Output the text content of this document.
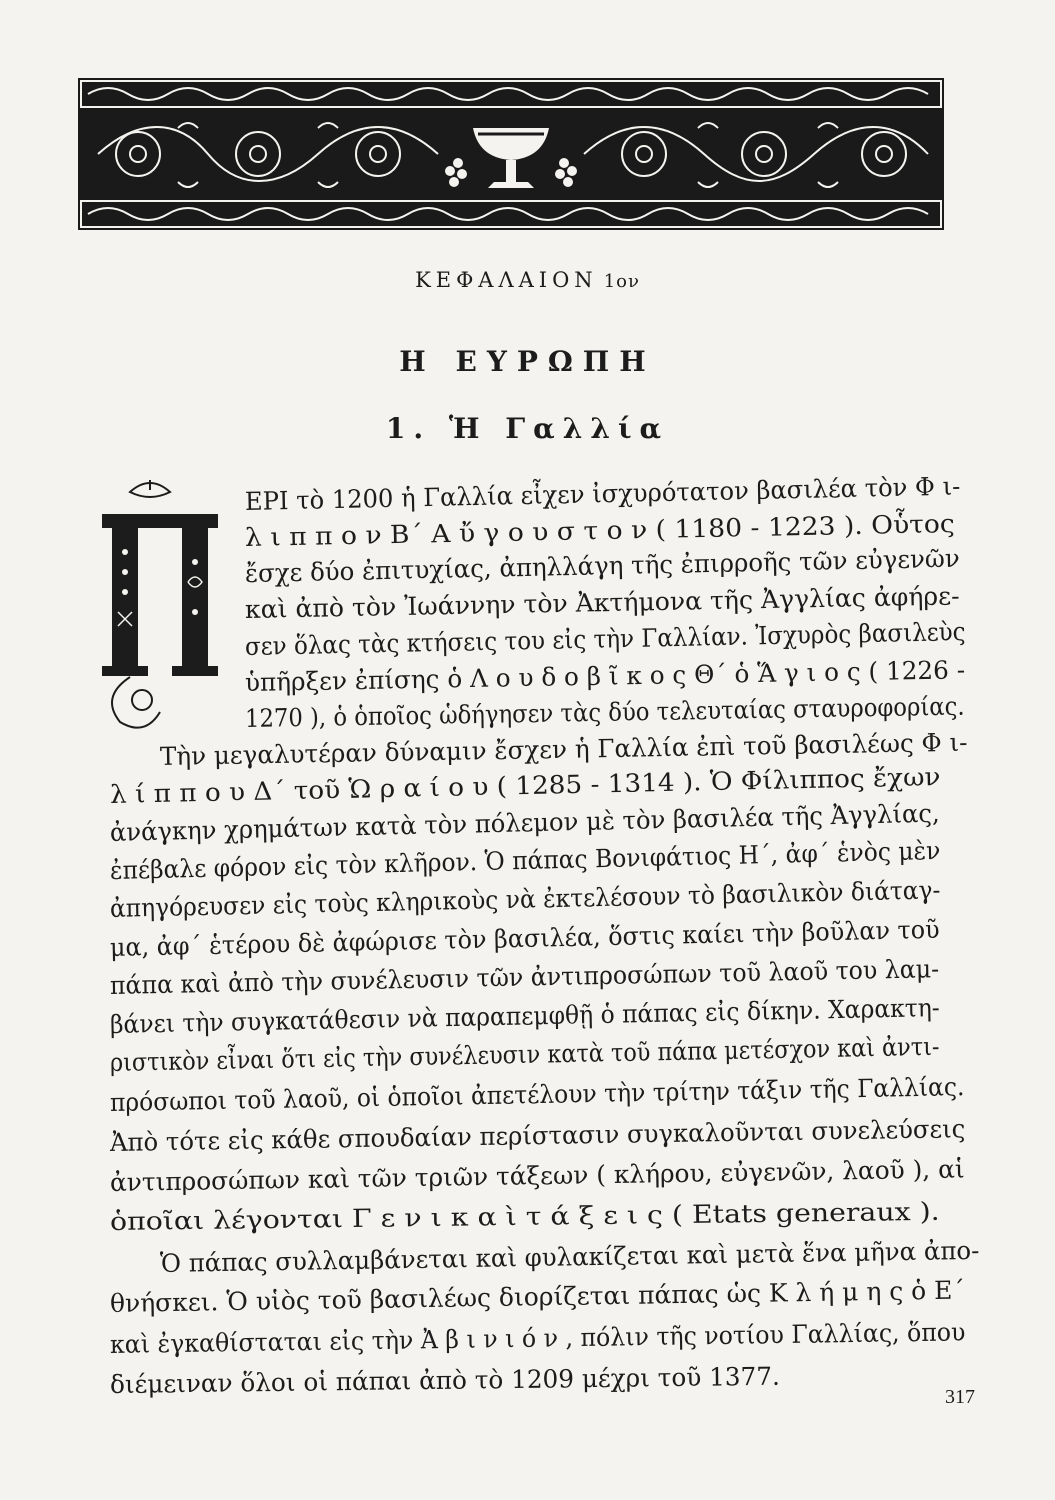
ΚΕΦΑΛΑΙΟΝ 1ον
Η ΕΥΡΩΠΗ
1. Ἡ Γαλλία
ΕΡΙ τὸ 1200 ἡ Γαλλία εἶχεν ἰσχυρότατον βασιλέα τὸν Φ ι-
λ ι π π ο ν Β΄ Α ὔ γ ο υ σ τ ο ν ( 1180 - 1223 ). Οὗτος
ἔσχε δύο ἐπιτυχίας, ἀπηλλάγη τῆς ἐπιρροῆς τῶν εὐγενῶν
καὶ ἀπὸ τὸν Ἰωάννην τὸν Ἀκτήμονα τῆς Ἀγγλίας ἀφήρε-
σεν ὅλας τὰς κτήσεις του εἰς τὴν Γαλλίαν. Ἰσχυρὸς βασιλεὺς
ὑπῆρξεν ἐπίσης ὁ Λ ο υ δ ο β ῖ κ ο ς Θ΄ ὁ Ἅ γ ι ο ς ( 1226 -
1270 ), ὁ ὁποῖος ὡδήγησεν τὰς δύο τελευταίας σταυροφορίας.
Τὴν μεγαλυτέραν δύναμιν ἔσχεν ἡ Γαλλία ἐπὶ τοῦ βασιλέως Φ ι-
λ ί π π ο υ Δ΄ τοῦ Ὡ ρ α ί ο υ ( 1285 - 1314 ). Ὁ Φίλιππος ἔχων
ἀνάγκην χρημάτων κατὰ τὸν πόλεμον μὲ τὸν βασιλέα τῆς Ἀγγλίας,
ἐπέβαλε φόρον εἰς τὸν κλῆρον. Ὁ πάπας Βονιφάτιος Η΄, ἀφ΄ ἑνὸς μὲν
ἀπηγόρευσεν εἰς τοὺς κληρικοὺς νὰ ἐκτελέσουν τὸ βασιλικὸν διάταγ-
μα, ἀφ΄ ἑτέρου δὲ ἀφώρισε τὸν βασιλέα, ὅστις καίει τὴν βοῦλαν τοῦ
πάπα καὶ ἀπὸ τὴν συνέλευσιν τῶν ἀντιπροσώπων τοῦ λαοῦ του λαμ-
βάνει τὴν συγκατάθεσιν νὰ παραπεμφθῇ ὁ πάπας εἰς δίκην. Χαρακτη-
ριστικὸν εἶναι ὅτι εἰς τὴν συνέλευσιν κατὰ τοῦ πάπα μετέσχον καὶ ἀντι-
πρόσωποι τοῦ λαοῦ, οἱ ὁποῖοι ἀπετέλουν τὴν τρίτην τάξιν τῆς Γαλλίας.
Ἀπὸ τότε εἰς κάθε σπουδαίαν περίστασιν συγκαλοῦνται συνελεύσεις
ἀντιπροσώπων καὶ τῶν τριῶν τάξεων ( κλήρου, εὐγενῶν, λαοῦ ), αἱ
ὁποῖαι λέγονται Γ ε ν ι κ α ὶ τ ά ξ ε ι ς ( Etats generaux ).
Ὁ πάπας συλλαμβάνεται καὶ φυλακίζεται καὶ μετὰ ἕνα μῆνα ἀπο-
θνήσκει. Ὁ υἱὸς τοῦ βασιλέως διορίζεται πάπας ὡς Κ λ ή μ η ς ὁ Ε΄
καὶ ἐγκαθίσταται εἰς τὴν Ἀ β ι ν ι ό ν , πόλιν τῆς νοτίου Γαλλίας, ὅπου
διέμειναν ὅλοι οἱ πάπαι ἀπὸ τὸ 1209 μέχρι τοῦ 1377.	317
